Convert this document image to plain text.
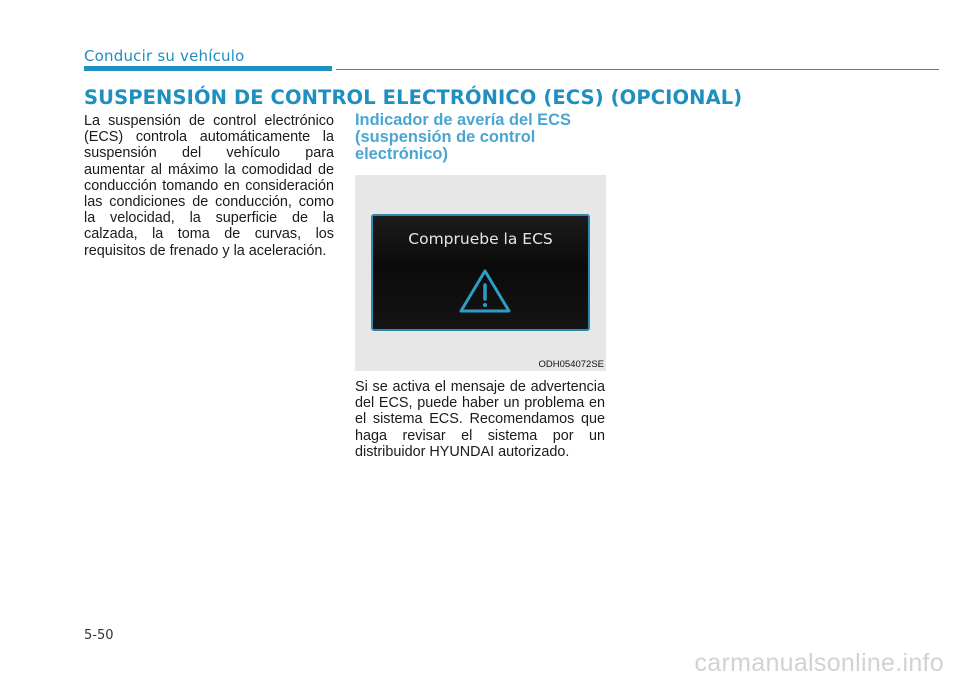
Conducir su vehículo
SUSPENSIÓN DE CONTROL ELECTRÓNICO (ECS) (OPCIONAL)
La suspensión de control electrónico (ECS) controla automáticamente la suspensión del vehículo para aumentar al máximo la comodidad de conducción tomando en consideración las condiciones de conducción, como la velocidad, la superficie de la calzada, la toma de curvas, los requisitos de frenado y la aceleración.
Indicador de avería del ECS (suspensión de control electrónico)
Compruebe la ECS
ODH054072SE
Si se activa el mensaje de advertencia del ECS, puede haber un problema en el sistema ECS. Recomendamos que haga revisar el sistema por un distribuidor HYUNDAI autorizado.
5-50
carmanualsonline.info
